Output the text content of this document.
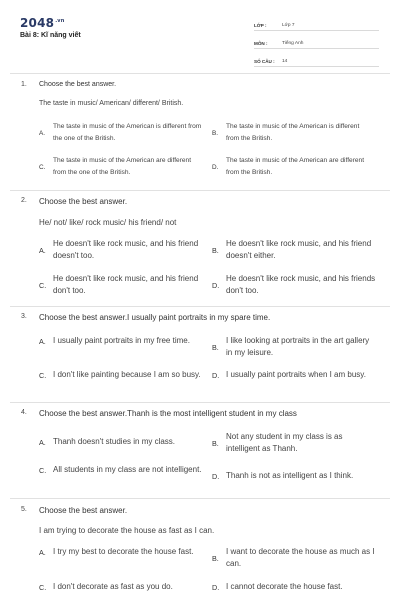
$2048^{.vn}$
Bài 8: Kĩ năng viết
LỚP :	Lớp 7
MÔN :	Tiếng Anh
SỐ CÂU :	14
1. Choose the best answer.
The taste in music/ American/ different/ British.
A.
The taste in music of the American is different from the one of the British.
B.
The taste in music of the American is different from the British.
C.
The taste in music of the American are different from the one of the British.
D.
The taste in music of the American are different from the British.
2. Choose the best answer.
He/ not/ like/ rock music/ his friend/ not
A.
He doesn't like rock music, and his friend doesn't too.
B.
He doesn't like rock music, and his friend doesn't either.
C.
He doesn't like rock music, and his friend don't too.
D.
He doesn't like rock music, and his friends don't too.
3. Choose the best answer.I usually paint portraits in my spare time.
A. I usually paint portraits in my free time.
B.
I like looking at portraits in the art gallery in my leisure.
C. I don't like painting because I am so busy. D. I usually paint portraits when I am busy.
4. Choose the best answer.Thanh is the most intelligent student in my class
A. Thanh doesn't studies in my class.	B.
Not any student in my class is as intelligent as Thanh.
C. All students in my class are not intelligent.
D. Thanh is not as intelligent as I think.
5. Choose the best answer.
I am trying to decorate the house as fast as I can.
A. I try my best to decorate the house fast.
B.
I want to decorate the house as much as I can.
C. I don't decorate as fast as you do.	D. I cannot decorate the house fast.
